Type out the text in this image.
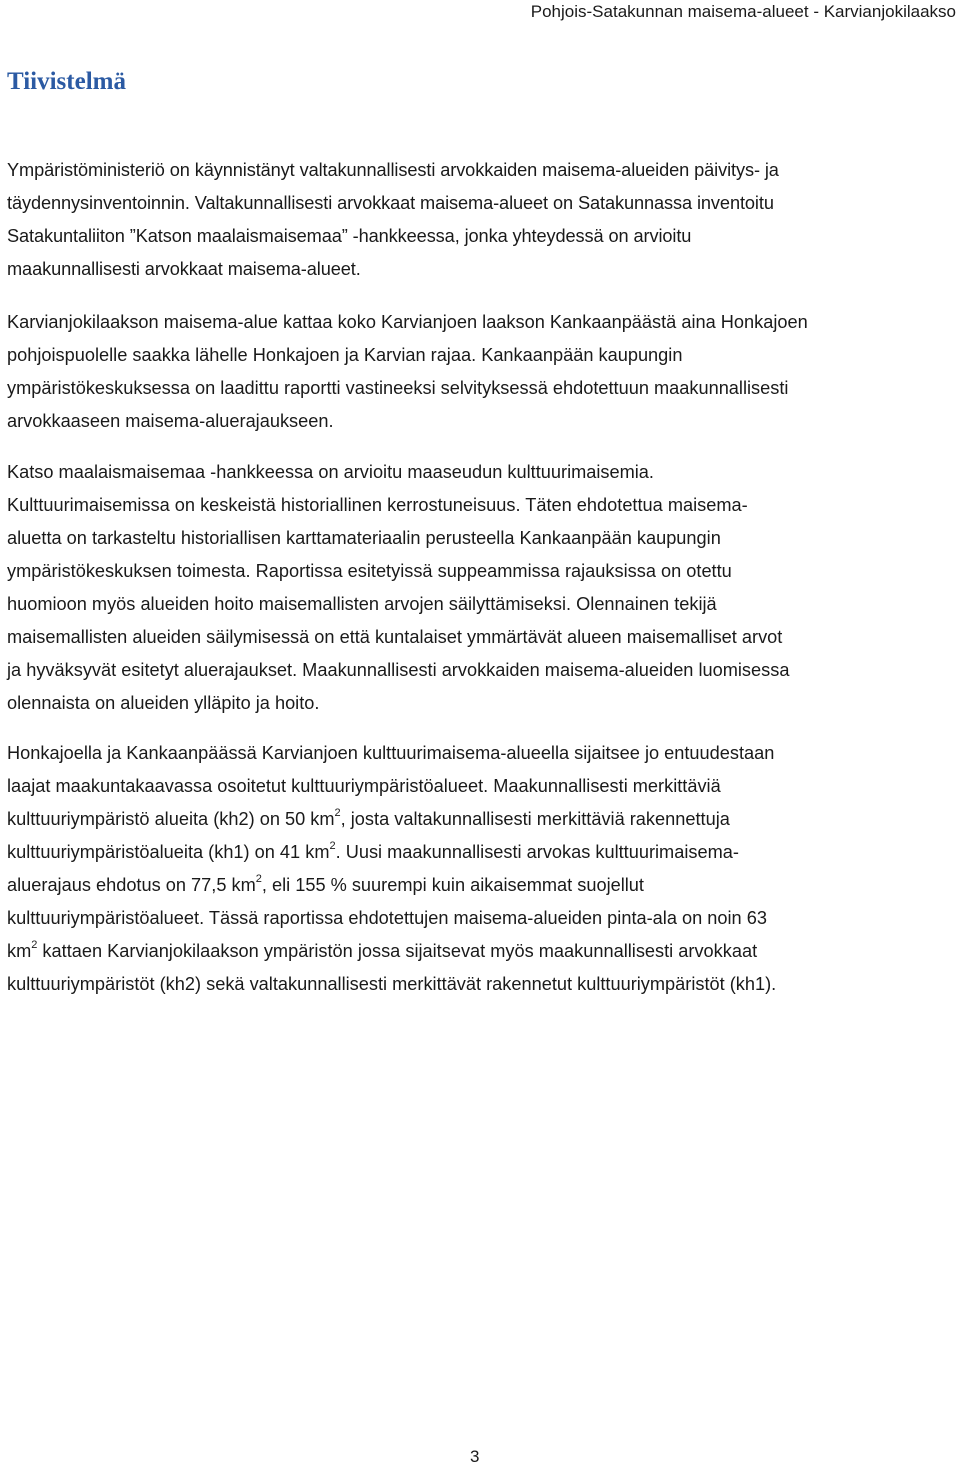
Pohjois-Satakunnan maisema-alueet - Karvianjokilaakso
Tiivistelmä

Ympäristöministeriö on käynnistänyt valtakunnallisesti arvokkaiden maisema-alueiden päivitys- ja
täydennysinventoinnin. Valtakunnallisesti arvokkaat maisema-alueet on Satakunnassa inventoitu
Satakuntaliiton ”Katson maalaismaisemaa” -hankkeessa, jonka yhteydessä on arvioitu
maakunnallisesti arvokkaat maisema-alueet.

Karvianjokilaakson maisema-alue kattaa koko Karvianjoen laakson Kankaanpäästä aina Honkajoen
pohjoispuolelle saakka lähelle Honkajoen ja Karvian rajaa. Kankaanpään kaupungin
ympäristökeskuksessa on laadittu raportti vastineeksi selvityksessä ehdotettuun maakunnallisesti
arvokkaaseen maisema-aluerajaukseen.

Katso maalaismaisemaa -hankkeessa on arvioitu maaseudun kulttuurimaisemia.
Kulttuurimaisemissa on keskeistä historiallinen kerrostuneisuus. Täten ehdotettua maisema-
aluetta on tarkasteltu historiallisen karttamateriaalin perusteella Kankaanpään kaupungin
ympäristökeskuksen toimesta. Raportissa esitetyissä suppeammissa rajauksissa on otettu
huomioon myös alueiden hoito maisemallisten arvojen säilyttämiseksi. Olennainen tekijä
maisemallisten alueiden säilymisessä on että kuntalaiset ymmärtävät alueen maisemalliset arvot
ja hyväksyvät esitetyt aluerajaukset. Maakunnallisesti arvokkaiden maisema-alueiden luomisessa
olennaista on alueiden ylläpito ja hoito.

Honkajoella ja Kankaanpäässä Karvianjoen kulttuurimaisema-alueella sijaitsee jo entuudestaan
laajat maakuntakaavassa osoitetut kulttuuriympäristöalueet. Maakunnallisesti merkittäviä
kulttuuriympäristö alueita (kh2) on 50 $km^2$, josta valtakunnallisesti merkittäviä rakennettuja
kulttuuriympäristöalueita (kh1) on 41 $km^2$. Uusi maakunnallisesti arvokas kulttuurimaisema-
aluerajaus ehdotus on 77,5 $km^2$, eli 155 % suurempi kuin aikaisemmat suojellut
kulttuuriympäristöalueet. Tässä raportissa ehdotettujen maisema-alueiden pinta-ala on noin 63
$km^2$ kattaen Karvianjokilaakson ympäristön jossa sijaitsevat myös maakunnallisesti arvokkaat
kulttuuriympäristöt (kh2) sekä valtakunnallisesti merkittävät rakennetut kulttuuriympäristöt (kh1).

3
